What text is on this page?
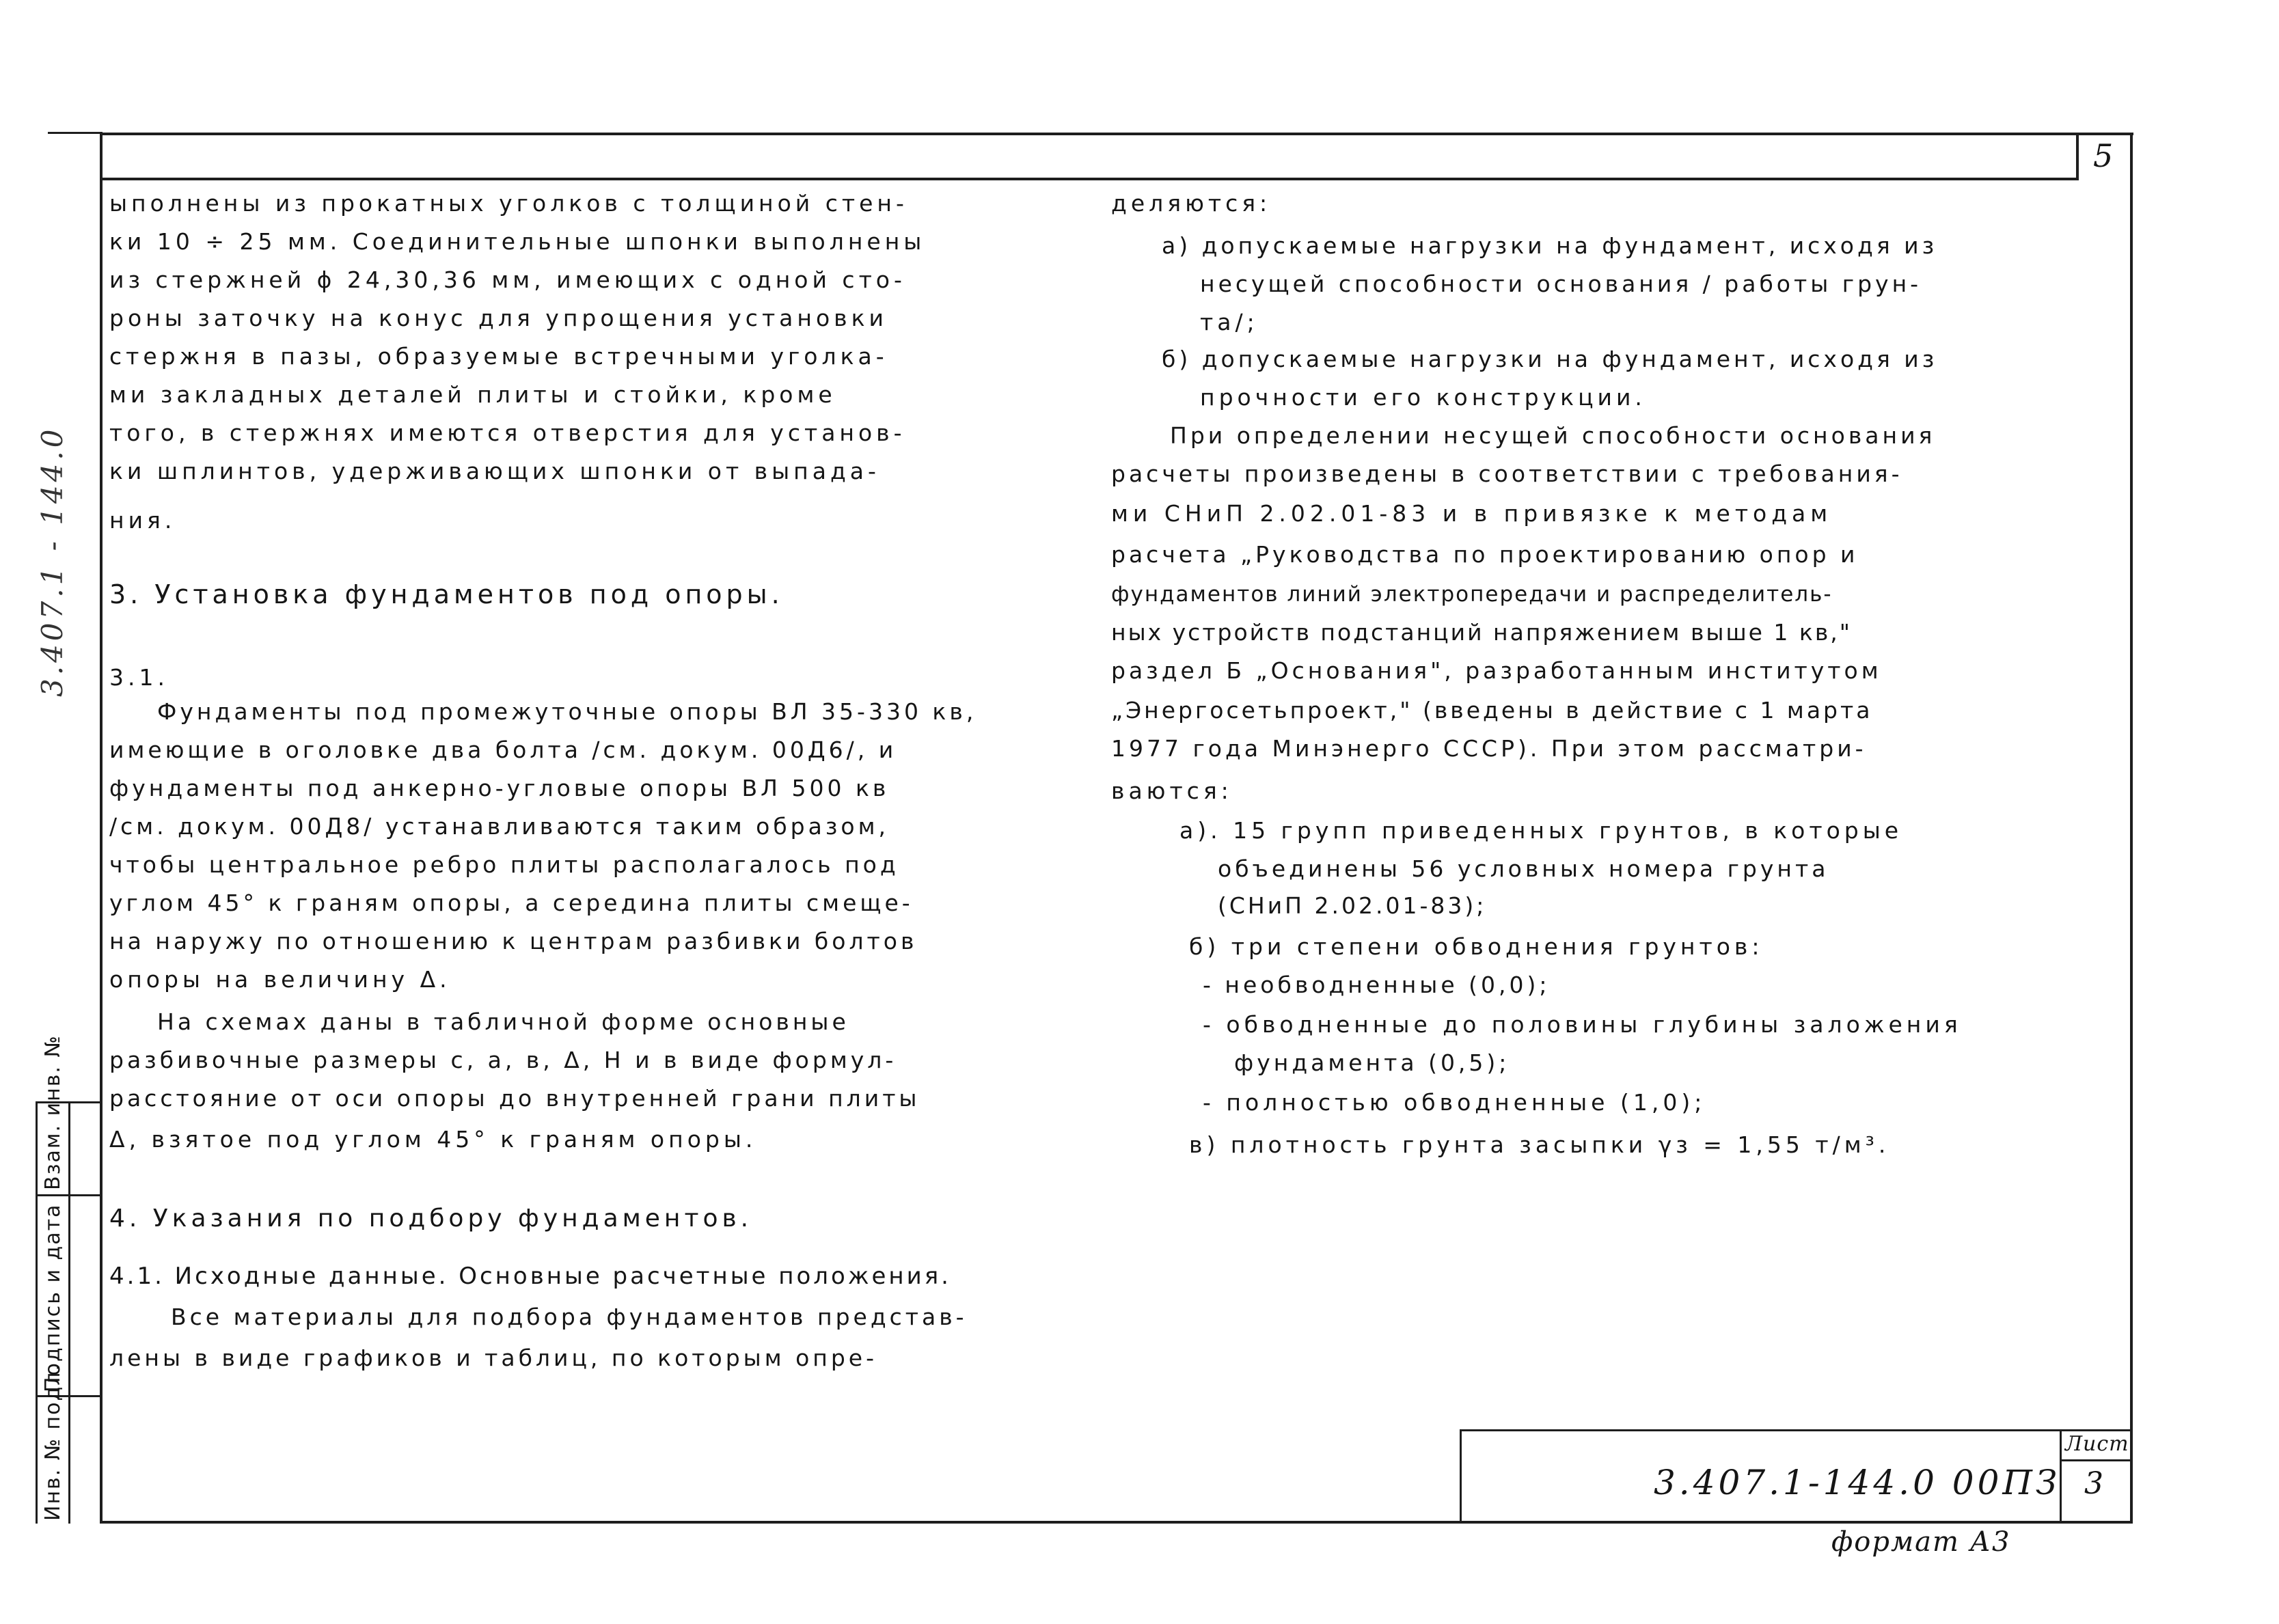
5
Взам. инв. №
Подпись и дата
Инв. № подл.
3.407.1 - 144.0
ыполнены из прокатных уголков с толщиной стен-
ки 10 ÷ 25 мм. Соединительные шпонки выполнены
из стержней ϕ 24,30,36 мм, имеющих с одной сто-
роны заточку на конус для упрощения установки
стержня в пазы, образуемые встречными уголка-
ми закладных деталей плиты и стойки, кроме
того, в стержнях имеются отверстия для установ-
ки шплинтов, удерживающих шпонки от выпада-
ния.
3. Установка фундаментов под опоры.
3.1.
Фундаменты под промежуточные опоры ВЛ 35-330 кв,
имеющие в оголовке два болта /см. докум. 00Д6/, и
фундаменты под анкерно-угловые опоры ВЛ 500 кв
/см. докум. 00Д8/ устанавливаются таким образом,
чтобы центральное ребро плиты располагалось под
углом 45° к граням опоры, а середина плиты смеще-
на наружу по отношению к центрам разбивки болтов
опоры на величину Δ.
На схемах даны в табличной форме основные
разбивочные размеры с, а, в, Δ, Н и в виде формул-
расстояние от оси опоры до внутренней грани плиты
Δ, взятое под углом 45° к граням опоры.
4. Указания по подбору фундаментов.
4.1. Исходные данные. Основные расчетные положения.
Все материалы для подбора фундаментов представ-
лены в виде графиков и таблиц, по которым опре-
деляются:
а) допускаемые нагрузки на фундамент, исходя из
несущей способности основания / работы грун-
та/;
б) допускаемые нагрузки на фундамент, исходя из
прочности его конструкции.
При определении несущей способности основания
расчеты произведены в соответствии с требования-
ми СНиП 2.02.01-83 и в привязке к методам
расчета „Руководства по проектированию опор и
фундаментов линий электропередачи и распределитель-
ных устройств подстанций напряжением выше 1 кв,"
раздел Б „Основания", разработанным институтом
„Энергосетьпроект," (введены в действие с 1 марта
1977 года Минэнерго СССР). При этом рассматри-
ваются:
а). 15 групп приведенных грунтов, в которые
объединены 56 условных номера грунта
(СНиП 2.02.01-83);
б) три степени обводнения грунтов:
- необводненные (0,0);
- обводненные до половины глубины заложения
фундамента (0,5);
- полностью обводненные (1,0);
в) плотность грунта засыпки γз = 1,55 т/м³.
Лист
3.407.1-144.0 00ПЗ 3
формат А3
